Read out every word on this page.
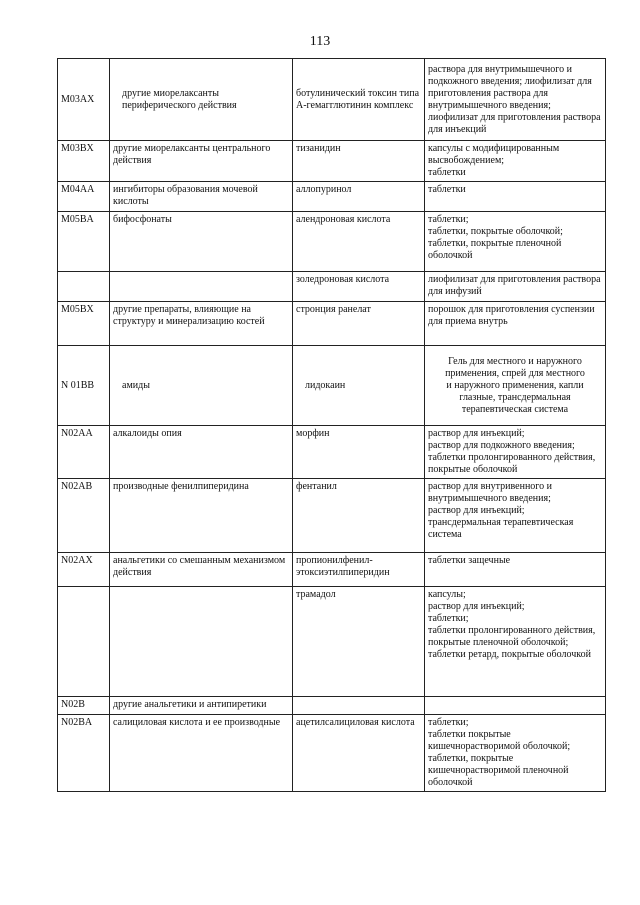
113
M03AX	другие миорелаксанты периферического действия	ботулинический токсин типа
А-гемагглютинин комплекс	раствора для внутримышечного и подкожного введения; лиофилизат для приготовления раствора для внутримышечного введения;
лиофилизат для приготовления раствора для инъекций

M03BX	другие миорелаксанты центрального действия	тизанидин	капсулы с модифицированным высвобождением;
таблетки

M04AA	ингибиторы образования мочевой кислоты	аллопуринол	таблетки

M05BA	бифосфонаты	алендроновая кислота	таблетки;
таблетки, покрытые оболочкой;
таблетки, покрытые пленочной оболочкой

		золедроновая кислота	лиофилизат для приготовления раствора для инфузий

M05BX	другие препараты, влияющие на структуру и минерализацию костей	стронция ранелат	порошок для приготовления суспензии
для приема внутрь

N 01BB	амиды	лидокаин	Гель для местного и наружного применения, спрей для местного
и наружного применения, капли глазные, трансдермальная терапевтическая система

N02AA	алкалоиды опия	морфин	раствор для инъекций;
раствор для подкожного введения;
таблетки пролонгированного действия, покрытые оболочкой

N02AB	производные фенилпиперидина	фентанил	раствор для внутривенного и внутримышечного введения;
раствор для инъекций;
трансдермальная терапевтическая система

N02AX	анальгетики со смешанным механизмом действия	пропионилфенил-
этоксиэтилпиперидин	таблетки защечные

		трамадол	капсулы;
раствор для инъекций;
таблетки;
таблетки пролонгированного действия, покрытые пленочной оболочкой;
таблетки ретард, покрытые оболочкой

N02B	другие анальгетики и антипиретики		
N02BA	салициловая кислота и ее производные	ацетилсалициловая кислота	таблетки;
таблетки покрытые кишечнорастворимой оболочкой;
таблетки, покрытые кишечнорастворимой пленочной оболочкой
